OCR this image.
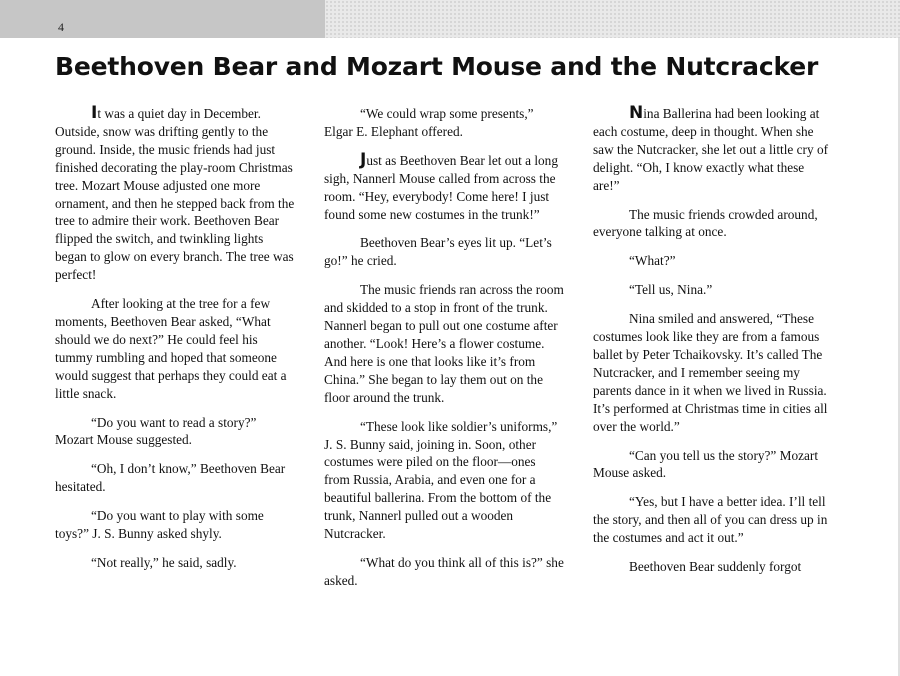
4
Beethoven Bear and Mozart Mouse and the Nutcracker

It was a quiet day in December. Outside, snow was drifting gently to the ground. Inside, the music friends had just finished decorating the play-room Christmas tree. Mozart Mouse adjusted one more ornament, and then he stepped back from the tree to admire their work. Beethoven Bear flipped the switch, and twinkling lights began to glow on every branch. The tree was perfect!

After looking at the tree for a few moments, Beethoven Bear asked, “What should we do next?” He could feel his tummy rumbling and hoped that someone would suggest that perhaps they could eat a little snack.

“Do you want to read a story?” Mozart Mouse suggested.

“Oh, I don’t know,” Beethoven Bear hesitated.

“Do you want to play with some toys?” J. S. Bunny asked shyly.

“Not really,” he said, sadly.

“We could wrap some presents,” Elgar E. Elephant offered.

Just as Beethoven Bear let out a long sigh, Nannerl Mouse called from across the room. “Hey, everybody! Come here! I just found some new costumes in the trunk!”

Beethoven Bear’s eyes lit up. “Let’s go!” he cried.

The music friends ran across the room and skidded to a stop in front of the trunk. Nannerl began to pull out one costume after another. “Look! Here’s a flower costume. And here is one that looks like it’s from China.” She began to lay them out on the floor around the trunk.

“These look like soldier’s uniforms,” J. S. Bunny said, joining in. Soon, other costumes were piled on the floor—ones from Russia, Arabia, and even one for a beautiful ballerina. From the bottom of the trunk, Nannerl pulled out a wooden Nutcracker.

“What do you think all of this is?” she asked.

Nina Ballerina had been looking at each costume, deep in thought. When she saw the Nutcracker, she let out a little cry of delight. “Oh, I know exactly what these are!”

The music friends crowded around, everyone talking at once.

“What?”

“Tell us, Nina.”

Nina smiled and answered, “These costumes look like they are from a famous ballet by Peter Tchaikovsky. It’s called The Nutcracker, and I remember seeing my parents dance in it when we lived in Russia. It’s performed at Christmas time in cities all over the world.”

“Can you tell us the story?” Mozart Mouse asked.

“Yes, but I have a better idea. I’ll tell the story, and then all of you can dress up in the costumes and act it out.”

Beethoven Bear suddenly forgot
